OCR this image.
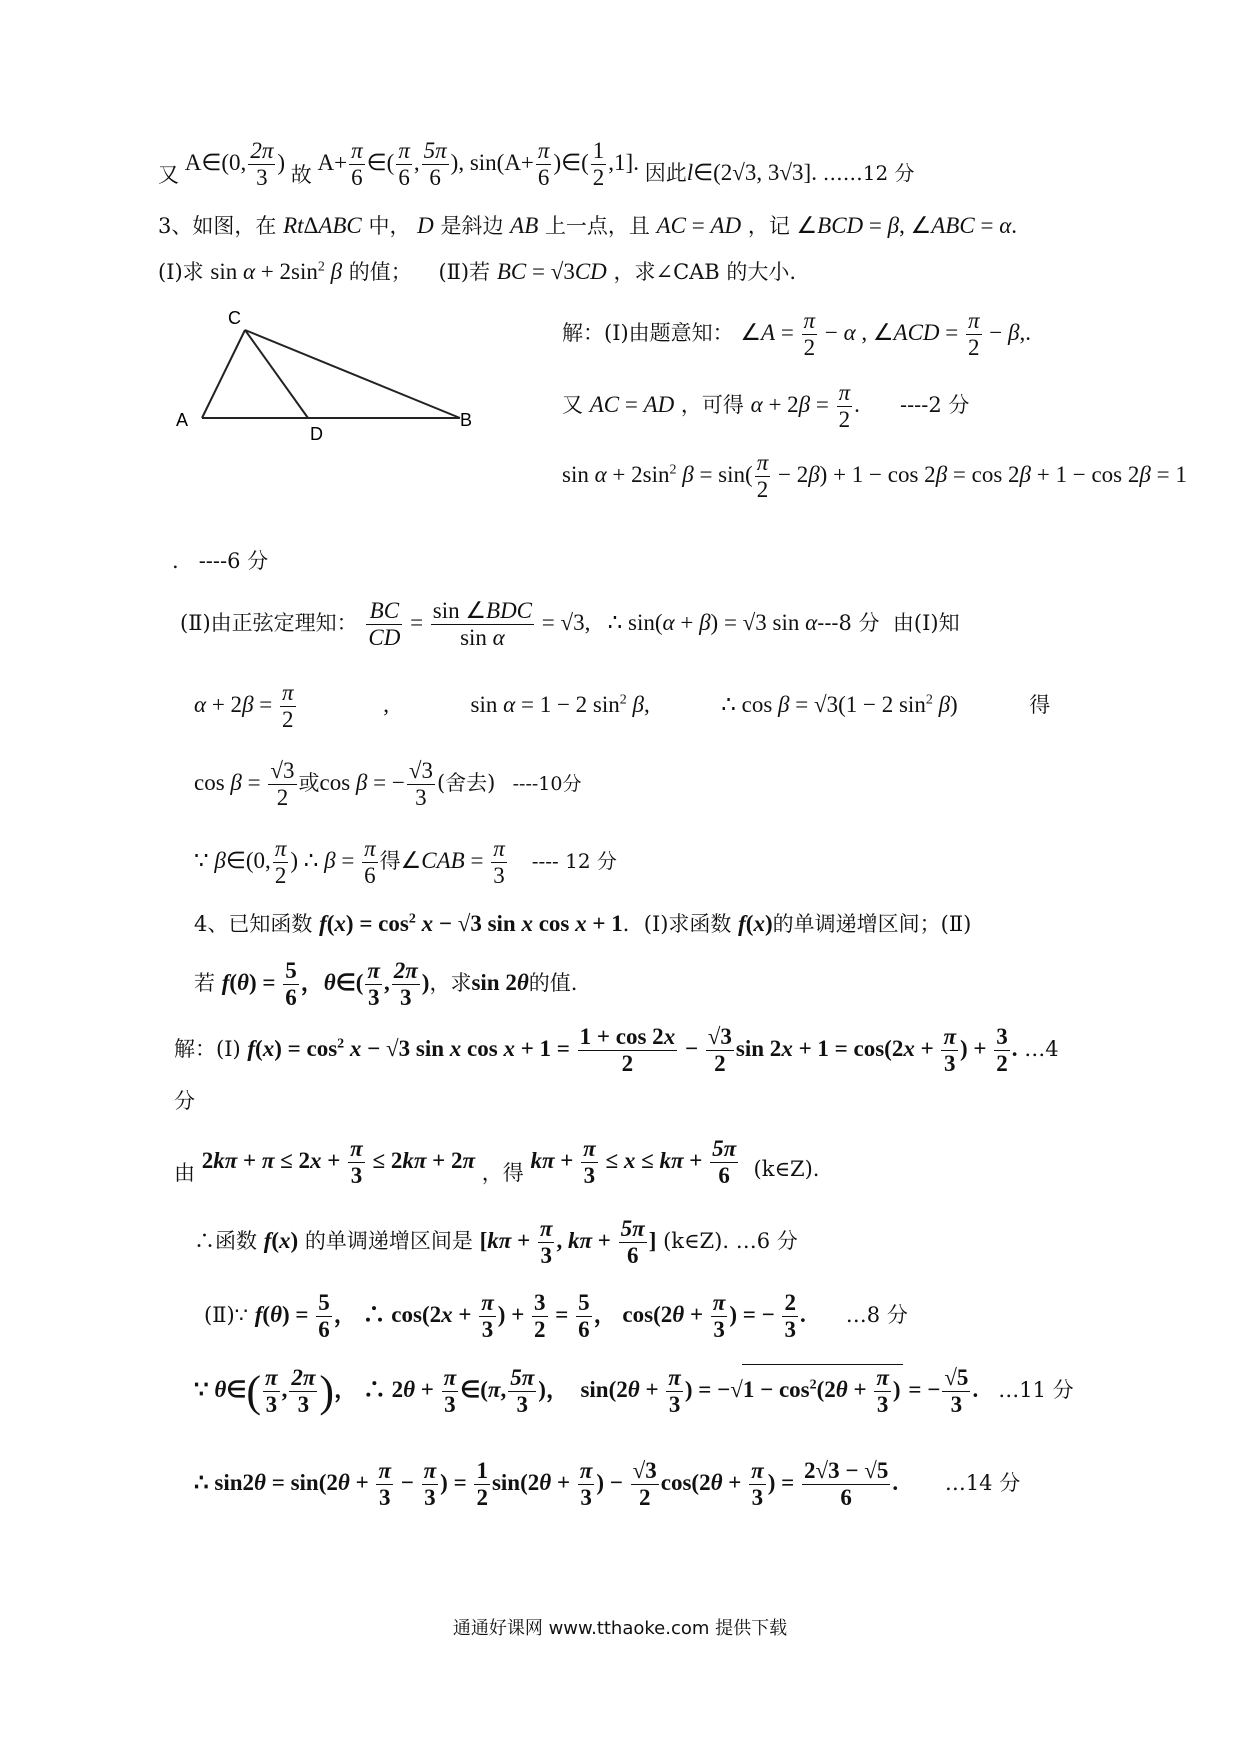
又 A∈(0, $\frac{2\pi}{3}$ ) 故 $A+ \frac{\pi}{6}$ ∈( $\frac{\pi}{6}$ , $\frac{5\pi}{6}$ ), $\sin(A+ \frac{\pi}{6}$ )∈( $\frac{1}{2} ,1$]. 因此l∈(2√3, 3√3]. ……12 分
3、如图，在 RtΔABC 中， D 是斜边 AB 上一点，且 AC = AD ，记 ∠BCD = β, ∠ABC = α.
(Ⅰ)求 $\sin \alpha + 2\sin^2$ β 的值； (Ⅱ)若 BC = √3CD ，求∠CAB 的大小.
C
A	B
D
解：(Ⅰ)由题意知： ∠A = $\frac{\pi}{2} - \alpha$ , ∠ACD = $\frac{\pi}{2} - \beta$,.
又 AC = AD ，可得 $\alpha + 2\beta = \frac{\pi}{2}$ . ----2 分
$\sin \alpha + 2\sin^2$ $\beta = \sin( \frac{\pi}{2} - 2\beta) + 1 - \cos 2\beta = \cos 2\beta + 1 - \cos 2\beta = 1$
.   ----6 分
(Ⅱ)由正弦定理知： $\frac{BC}{CD} = \frac{\text{sin ∠BDC}}{\text{sin α}} = √3$,   ∴ sin(α + β) = √3 sin α---8 分 由(Ⅰ)知
$\alpha + 2\beta = \frac{\pi}{2}$	,	sin α = 1 − 2 $\sin^2 \beta$,	∴ cos β = √3(1 − 2 $\sin^2 \beta$)	得
$\cos \beta = \frac{√3}{2}$ 或cos β = − $\frac{√3}{3}$ (舍去) ----10分
∵ β∈(0, $\frac{\pi}{2}$ ) ∴ $\beta = \frac{\pi}{6}$ 得∠CAB = $\frac{\pi}{3}$ ---- 12 分
4、已知函数 $f(x) = \cos^2 x - √3$ sin x cos x + 1．(Ⅰ)求函数 f(x)的单调递增区间；(Ⅱ)
若 $f(\theta) = \frac{5}{6}$ ，θ∈( $\frac{\pi}{3}$ , $\frac{2\pi}{3}$ )，求sin 2θ的值.
解：(Ⅰ) $f(x) = \cos^2 x - √3$ sin x $\cos x + 1 = \frac{1 + \cos 2x}{2} - \frac{√3}{2}$ $\sin 2x + 1 = \cos(2x + \frac{\pi}{3}$ ) + $\frac{3}{2}$ . …4
分
由 $2k\pi + \pi \le 2x + \frac{\pi}{3} \le 2k\pi + 2\pi$ ，得 $k\pi + \frac{\pi}{3} \le x \le k\pi + \frac{5\pi}{6}$ (k∈Z).
∴函数 f(x) 的单调递增区间是 [$k\pi + \frac{\pi}{3}$ , $k\pi + \frac{5\pi}{6}$ ] (k∈Z). …6 分
(Ⅱ)∵ $f(\theta) = \frac{5}{6}$ ， ∴ $\cos(2x + \frac{\pi}{3}$ ) + $\frac{3}{2} = \frac{5}{6}$ ， $\cos(2\theta + \frac{\pi}{3}$ ) = − $\frac{2}{3}$ . …8 分
∵ θ∈( $\frac{\pi}{3}$ , $\frac{2\pi}{3}$ )， ∴ $2\theta + \frac{\pi}{3}$ ∈(π, $\frac{5\pi}{3}$ )，  $\sin(2\theta + \frac{\pi}{3}$ ) = $-√1 - \cos^2(2\theta + \frac{\pi}{3}$ ) = − $\frac{√5}{3}$ . …11 分
∴ $\sin 2\theta = \sin(2\theta + \frac{\pi}{3} - \frac{\pi}{3}$ ) = $\frac{1}{2} \sin(2\theta + \frac{\pi}{3}$ ) − $\frac{√3}{2} \cos(2\theta + \frac{\pi}{3}$ ) = $\frac{2√3 - √5}{6}$ . …14 分
通通好课网 www.tthaoke.com 提供下载
